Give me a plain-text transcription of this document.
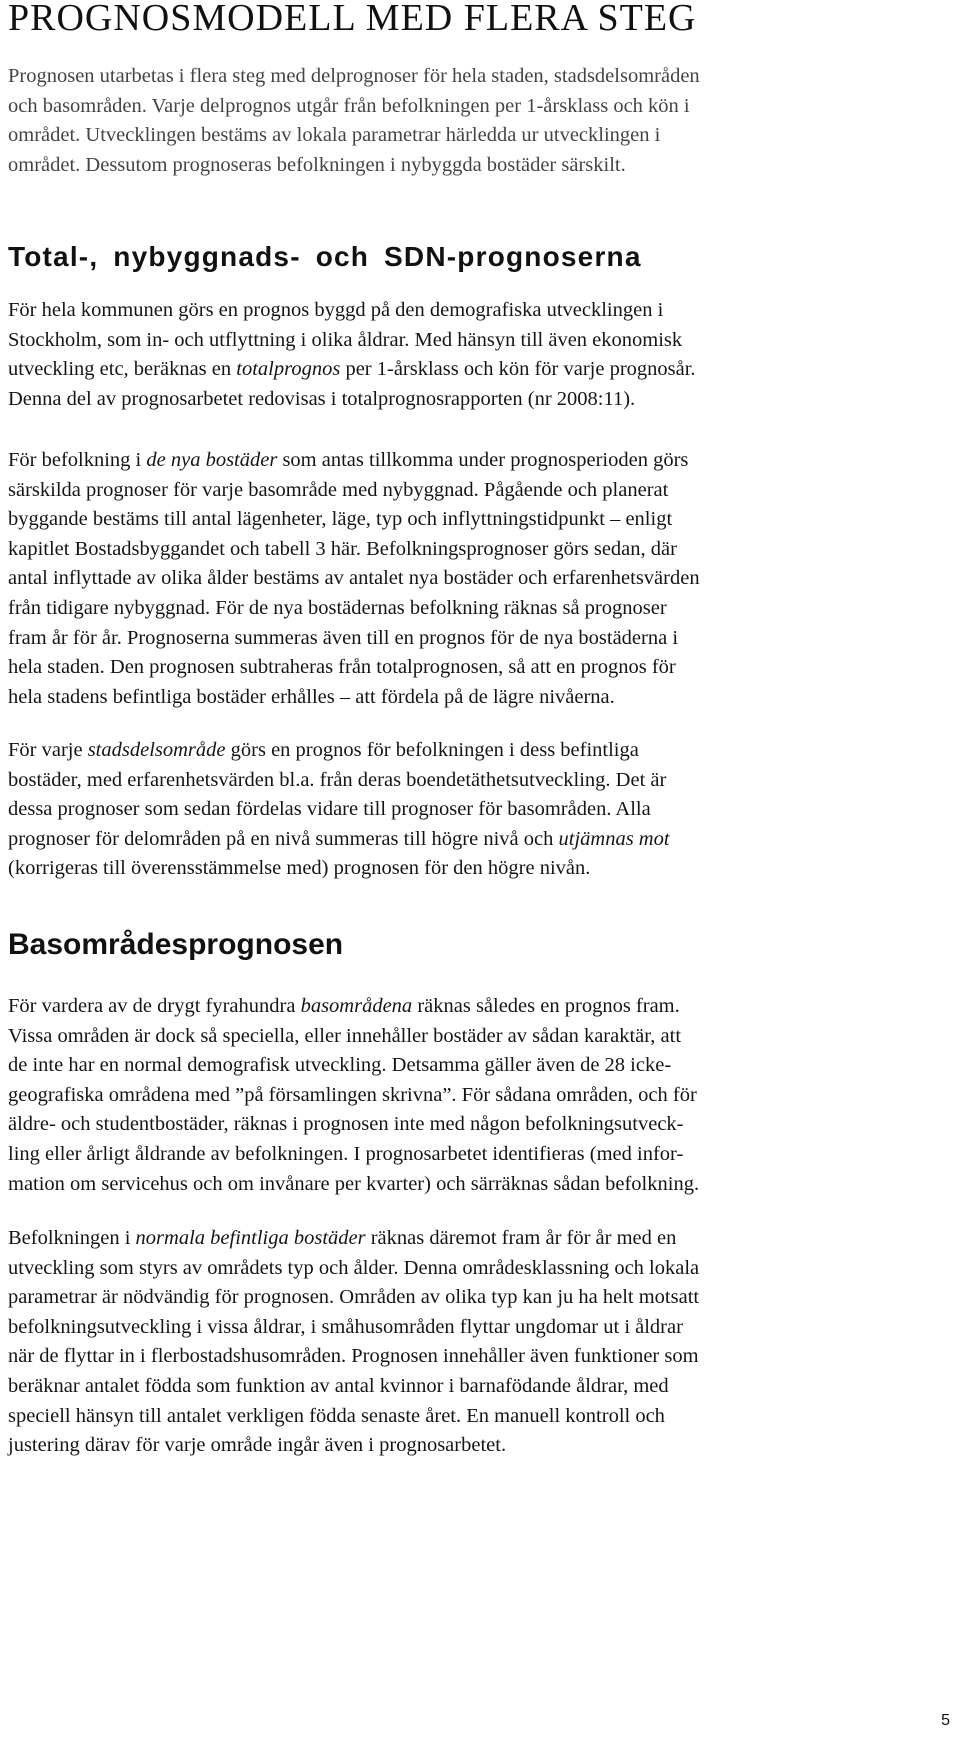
PROGNOSMODELL MED FLERA STEG
Prognosen utarbetas i flera steg med delprognoser för hela staden, stadsdelsområden
och basområden. Varje delprognos utgår från befolkningen per 1-årsklass och kön i
området. Utvecklingen bestäms av lokala parametrar härledda ur utvecklingen i
området. Dessutom prognoseras befolkningen i nybyggda bostäder särskilt.
Total-, nybyggnads- och SDN-prognoserna
För hela kommunen görs en prognos byggd på den demografiska utvecklingen i
Stockholm, som in- och utflyttning i olika åldrar. Med hänsyn till även ekonomisk
utveckling etc, beräknas en totalprognos per 1-årsklass och kön för varje prognosår.
Denna del av prognosarbetet redovisas i totalprognosrapporten (nr 2008:11).
För befolkning i de nya bostäder som antas tillkomma under prognosperioden görs
särskilda prognoser för varje basområde med nybyggnad. Pågående och planerat
byggande bestäms till antal lägenheter, läge, typ och inflyttningstidpunkt – enligt
kapitlet Bostadsbyggandet och tabell 3 här. Befolkningsprognoser görs sedan, där
antal inflyttade av olika ålder bestäms av antalet nya bostäder och erfarenhetsvärden
från tidigare nybyggnad. För de nya bostädernas befolkning räknas så prognoser
fram år för år. Prognoserna summeras även till en prognos för de nya bostäderna i
hela staden. Den prognosen subtraheras från totalprognosen, så att en prognos för
hela stadens befintliga bostäder erhålles – att fördela på de lägre nivåerna.
För varje stadsdelsområde görs en prognos för befolkningen i dess befintliga
bostäder, med erfarenhetsvärden bl.a. från deras boendetäthetsutveckling. Det är
dessa prognoser som sedan fördelas vidare till prognoser för basområden. Alla
prognoser för delområden på en nivå summeras till högre nivå och utjämnas mot
(korrigeras till överensstämmelse med) prognosen för den högre nivån.
Basområdesprognosen
För vardera av de drygt fyrahundra basområdena räknas således en prognos fram.
Vissa områden är dock så speciella, eller innehåller bostäder av sådan karaktär, att
de inte har en normal demografisk utveckling. Detsamma gäller även de 28 icke-
geografiska områdena med ”på församlingen skrivna”. För sådana områden, och för
äldre- och studentbostäder, räknas i prognosen inte med någon befolkningsutveck-
ling eller årligt åldrande av befolkningen. I prognosarbetet identifieras (med infor-
mation om servicehus och om invånare per kvarter) och särräknas sådan befolkning.
Befolkningen i normala befintliga bostäder räknas däremot fram år för år med en
utveckling som styrs av områdets typ och ålder. Denna områdesklassning och lokala
parametrar är nödvändig för prognosen. Områden av olika typ kan ju ha helt motsatt
befolkningsutveckling i vissa åldrar, i småhusområden flyttar ungdomar ut i åldrar
när de flyttar in i flerbostadshusområden. Prognosen innehåller även funktioner som
beräknar antalet födda som funktion av antal kvinnor i barnafödande åldrar, med
speciell hänsyn till antalet verkligen födda senaste året. En manuell kontroll och
justering därav för varje område ingår även i prognosarbetet.
5
